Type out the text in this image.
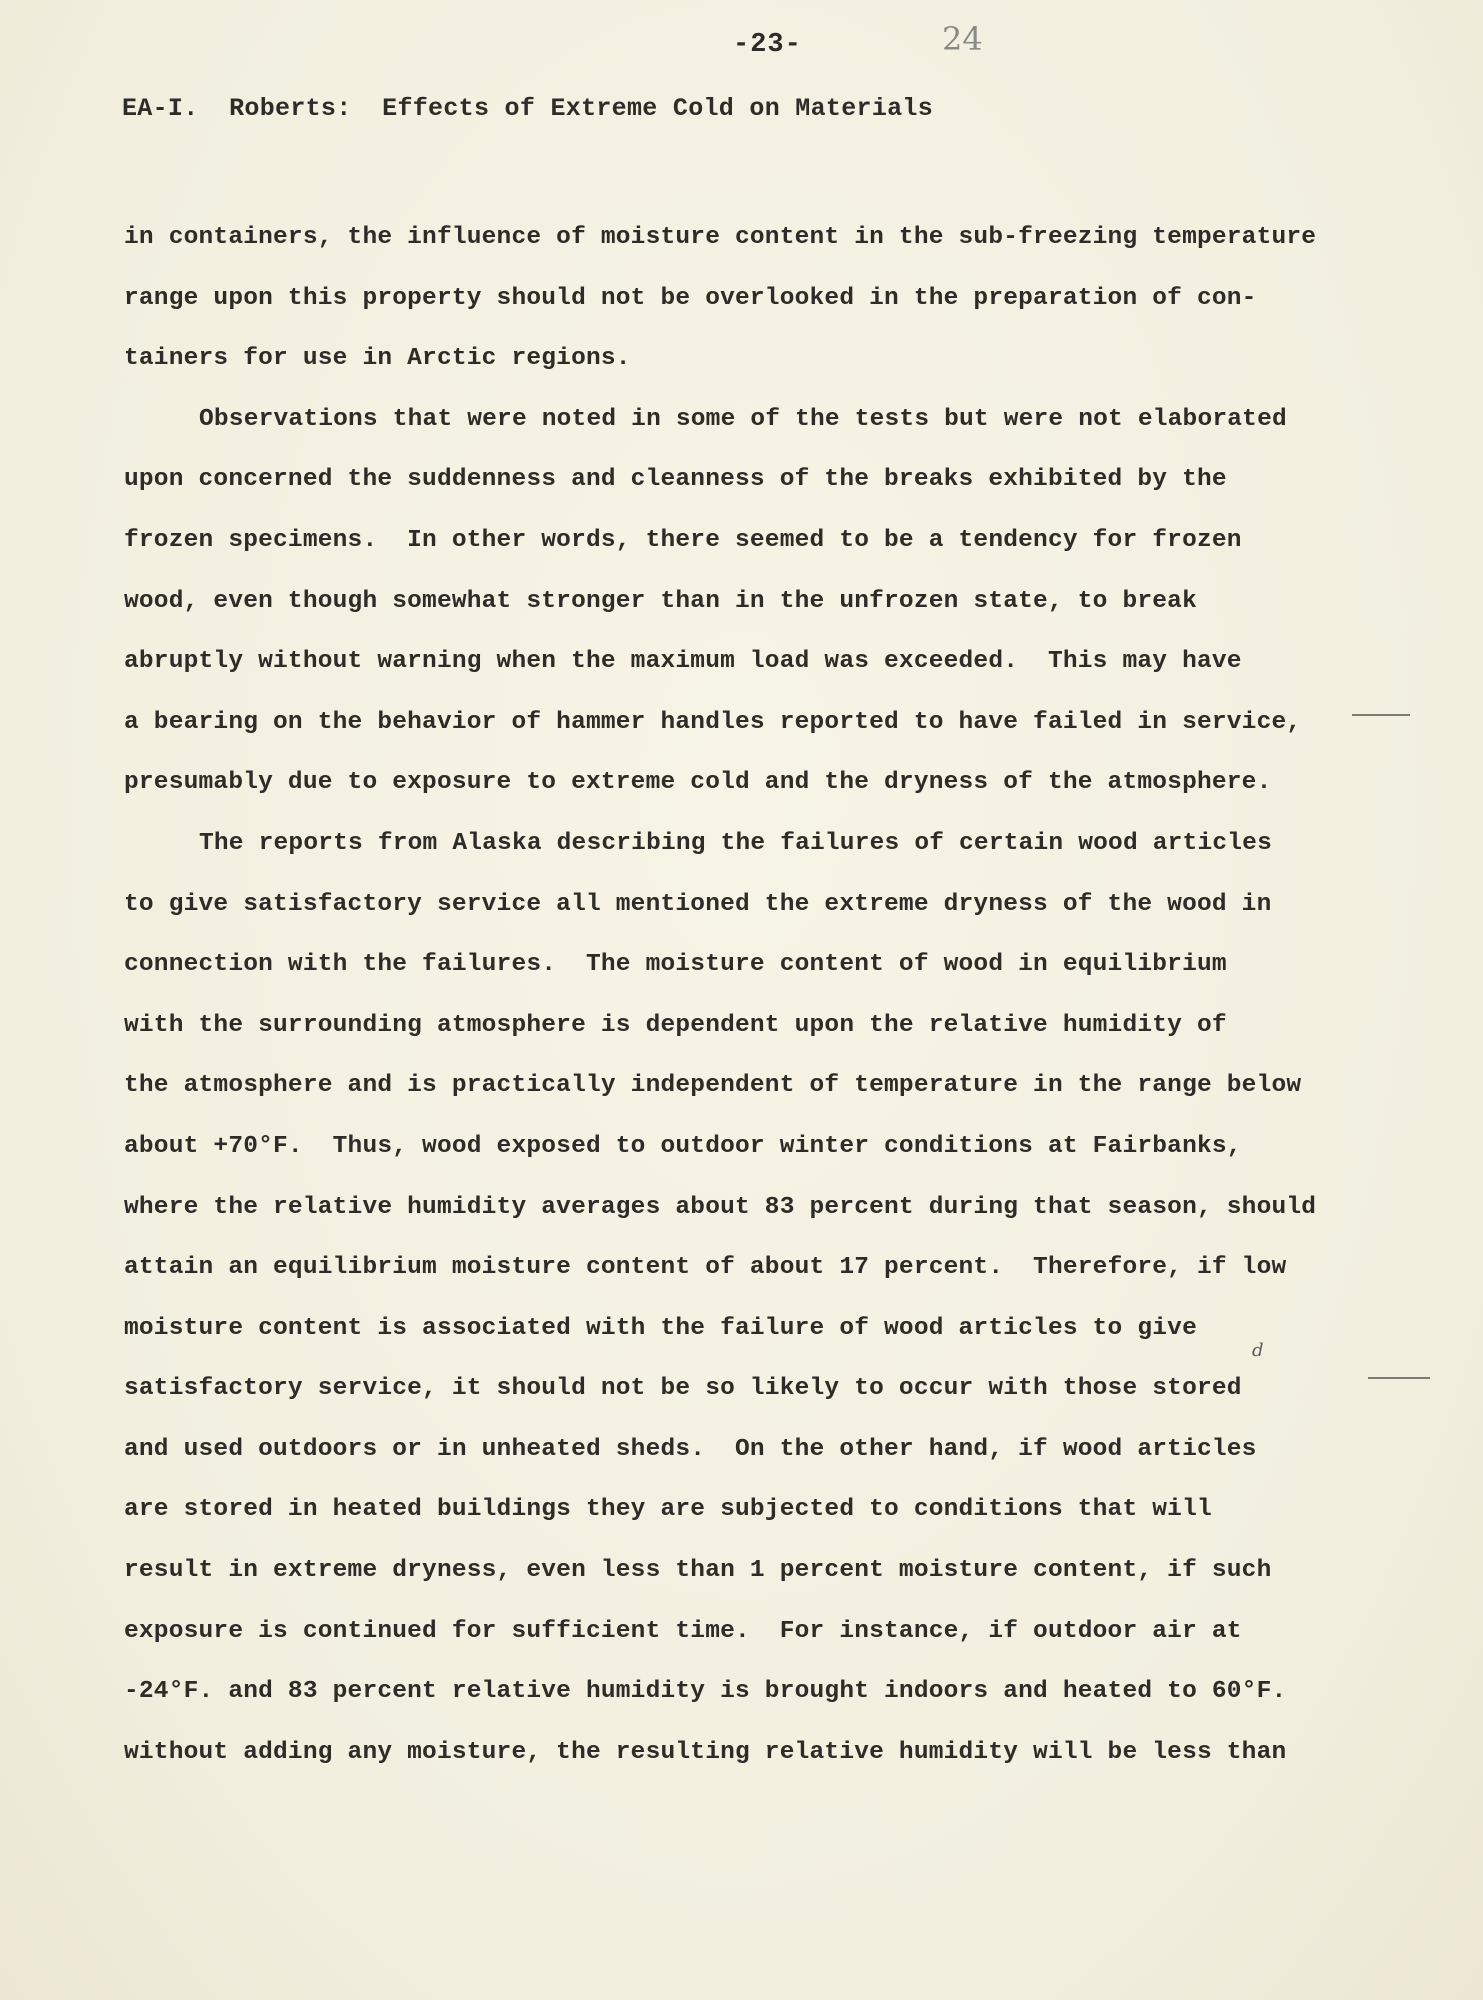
-23-	24
EA-I.  Roberts:  Effects of Extreme Cold on Materials
in containers, the influence of moisture content in the sub-freezing temperature
range upon this property should not be overlooked in the preparation of con-
tainers for use in Arctic regions.
Observations that were noted in some of the tests but were not elaborated
upon concerned the suddenness and cleanness of the breaks exhibited by the
frozen specimens.  In other words, there seemed to be a tendency for frozen
wood, even though somewhat stronger than in the unfrozen state, to break
abruptly without warning when the maximum load was exceeded.  This may have
a bearing on the behavior of hammer handles reported to have failed in service,
presumably due to exposure to extreme cold and the dryness of the atmosphere.
The reports from Alaska describing the failures of certain wood articles
to give satisfactory service all mentioned the extreme dryness of the wood in
connection with the failures.  The moisture content of wood in equilibrium
with the surrounding atmosphere is dependent upon the relative humidity of
the atmosphere and is practically independent of temperature in the range below
about +70°F.  Thus, wood exposed to outdoor winter conditions at Fairbanks,
where the relative humidity averages about 83 percent during that season, should
attain an equilibrium moisture content of about 17 percent.  Therefore, if low
moisture content is associated with the failure of wood articles to give
satisfactory service, it should not be so likely to occur with those stored
and used outdoors or in unheated sheds.  On the other hand, if wood articles
are stored in heated buildings they are subjected to conditions that will
result in extreme dryness, even less than 1 percent moisture content, if such
exposure is continued for sufficient time.  For instance, if outdoor air at
-24°F. and 83 percent relative humidity is brought indoors and heated to 60°F.
without adding any moisture, the resulting relative humidity will be less than
d
